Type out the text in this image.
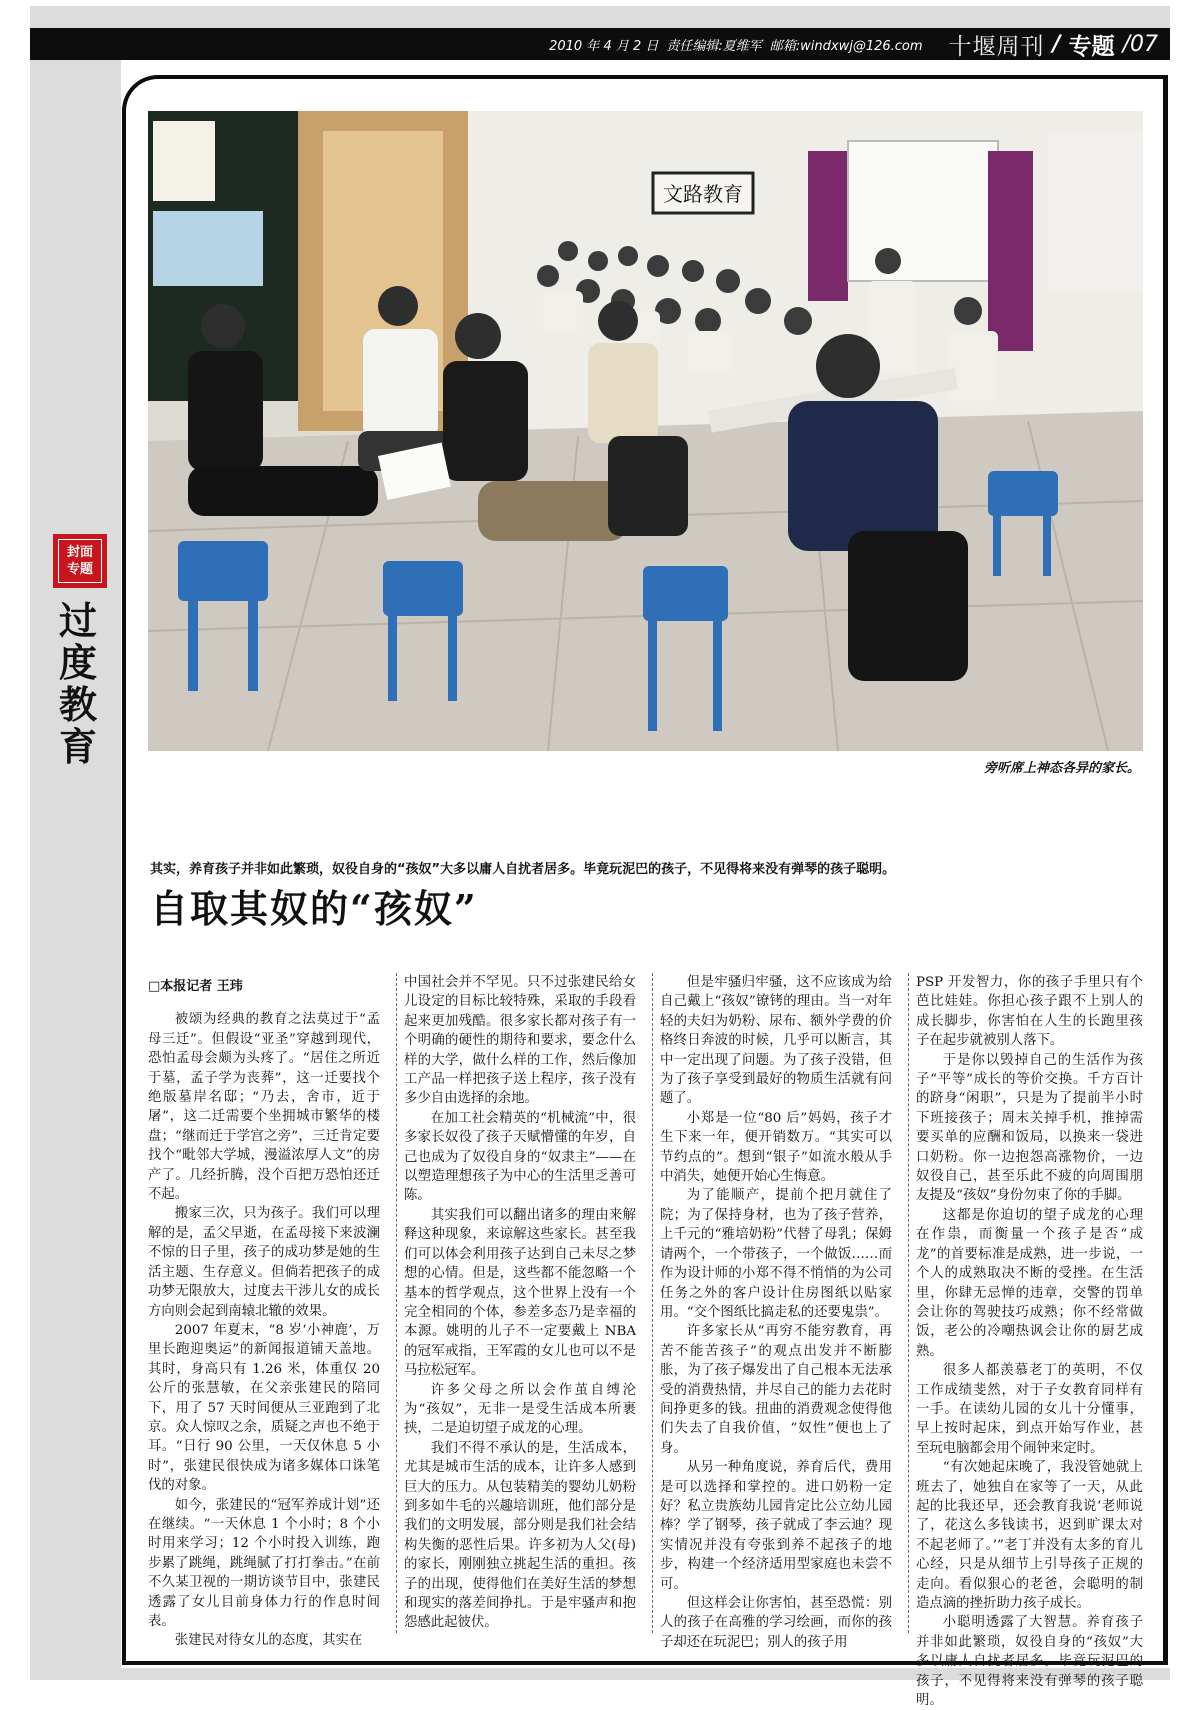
2010 年 4 月 2 日 责任编辑:夏维军 邮箱:windxwj@126.com 十堰周刊 / 专题 /07
封面
专题
过度教育
文路教育
旁听席上神态各异的家长。
其实，养育孩子并非如此繁琐，奴役自身的“孩奴”大多以庸人自扰者居多。毕竟玩泥巴的孩子，不见得将来没有弹琴的孩子聪明。
自取其奴的“孩奴”
□本报记者 王玮

被颂为经典的教育之法莫过于“孟母三迁”。但假设“亚圣”穿越到现代，恐怕孟母会颇为头疼了。“居住之所近于墓，孟子学为丧葬”，这一迁要找个绝版墓岸名邸；“乃去，舍市，近于屠”，这二迁需要个坐拥城市繁华的楼盘；“继而迁于学宫之旁”，三迁肯定要找个“毗邻大学城，漫溢浓厚人文”的房产了。几经折腾，没个百把万恐怕还迁不起。

搬家三次，只为孩子。我们可以理解的是，孟父早逝，在孟母接下来波澜不惊的日子里，孩子的成功梦是她的生活主题、生存意义。但倘若把孩子的成功梦无限放大，过度去干涉儿女的成长方向则会起到南辕北辙的效果。

2007 年夏末，“8 岁‘小神鹿’，万里长跑迎奥运”的新闻报道铺天盖地。其时，身高只有 1.26 米，体重仅 20 公斤的张慧敏，在父亲张建民的陪同下，用了 57 天时间便从三亚跑到了北京。众人惊叹之余，质疑之声也不绝于耳。“日行 90 公里，一天仅休息 5 小时”，张建民很快成为诸多媒体口诛笔伐的对象。

如今，张建民的“冠军养成计划”还在继续。“一天休息 1 个小时；8 个小时用来学习；12 个小时投入训练，跑步累了跳绳，跳绳腻了打打拳击。”在前不久某卫视的一期访谈节目中，张建民透露了女儿目前身体力行的作息时间表。

张建民对待女儿的态度，其实在

中国社会并不罕见。只不过张建民给女儿设定的目标比较特殊，采取的手段看起来更加残酷。很多家长都对孩子有一个明确的硬性的期待和要求，要念什么样的大学，做什么样的工作，然后像加工产品一样把孩子送上程序，孩子没有多少自由选择的余地。

在加工社会精英的“机械流”中，很多家长奴役了孩子天赋懵懂的年岁，自己也成为了奴役自身的“奴隶主”——在以塑造理想孩子为中心的生活里乏善可陈。

其实我们可以翻出诸多的理由来解释这种现象，来谅解这些家长。甚至我们可以体会利用孩子达到自己未尽之梦想的心情。但是，这些都不能忽略一个基本的哲学观点，这个世界上没有一个完全相同的个体，参差多态乃是幸福的本源。姚明的儿子不一定要戴上 NBA 的冠军戒指，王军霞的女儿也可以不是马拉松冠军。

许多父母之所以会作茧自缚沦为“孩奴”，无非一是受生活成本所裹挟，二是迫切望子成龙的心理。

我们不得不承认的是，生活成本，尤其是城市生活的成本，让许多人感到巨大的压力。从包装精美的婴幼儿奶粉到多如牛毛的兴趣培训班，他们部分是我们的文明发展，部分则是我们社会结构失衡的恶性后果。许多初为人父(母)的家长，刚刚独立挑起生活的重担。孩子的出现，使得他们在美好生活的梦想和现实的落差间挣扎。于是牢骚声和抱怨感此起彼伏。

但是牢骚归牢骚，这不应该成为给自己戴上“孩奴”镣铐的理由。当一对年轻的夫妇为奶粉、尿布、额外学费的价格终日奔波的时候，几乎可以断言，其中一定出现了问题。为了孩子没错，但为了孩子享受到最好的物质生活就有问题了。

小郑是一位“80 后”妈妈，孩子才生下来一年，便开销数万。“其实可以节约点的”。想到“银子”如流水般从手中消失，她便开始心生悔意。

为了能顺产，提前个把月就住了院；为了保持身材，也为了孩子营养，上千元的“雅培奶粉”代替了母乳；保姆请两个，一个带孩子，一个做饭……而作为设计师的小郑不得不悄悄的为公司任务之外的客户设计住房图纸以贴家用。“交个图纸比搞走私的还要鬼祟”。

许多家长从“再穷不能穷教育，再苦不能苦孩子”的观点出发并不断膨胀，为了孩子爆发出了自己根本无法承受的消费热情，并尽自己的能力去花时间挣更多的钱。扭曲的消费观念使得他们失去了自我价值，“奴性”便也上了身。

从另一种角度说，养育后代，费用是可以选择和掌控的。进口奶粉一定好？私立贵族幼儿园肯定比公立幼儿园棒？学了钢琴，孩子就成了李云迪？现实情况并没有夸张到养不起孩子的地步，构建一个经济适用型家庭也未尝不可。

但这样会让你害怕，甚至恐慌：别人的孩子在高雅的学习绘画，而你的孩子却还在玩泥巴；别人的孩子用

PSP 开发智力，你的孩子手里只有个芭比娃娃。你担心孩子跟不上别人的成长脚步，你害怕在人生的长跑里孩子在起步就被别人落下。

于是你以毁掉自己的生活作为孩子“平等”成长的等价交换。千方百计的跻身“闲职”，只是为了提前半小时下班接孩子；周末关掉手机，推掉需要买单的应酬和饭局，以换来一袋进口奶粉。你一边抱怨高涨物价，一边奴役自己，甚至乐此不疲的向周围朋友提及“孩奴”身份勿束了你的手脚。

这都是你迫切的望子成龙的心理在作祟，而衡量一个孩子是否“成龙”的首要标准是成熟，进一步说，一个人的成熟取决不断的受挫。在生活里，你肆无忌惮的违章，交警的罚单会让你的驾驶技巧成熟；你不经常做饭，老公的冷嘲热讽会让你的厨艺成熟。

很多人都羡慕老丁的英明，不仅工作成绩斐然，对于子女教育同样有一手。在读幼儿园的女儿十分懂事，早上按时起床，到点开始写作业，甚至玩电脑都会用个闹钟来定时。

“有次她起床晚了，我没管她就上班去了，她独自在家等了一天，从此起的比我还早，还会教育我说‘老师说了，花这么多钱读书，迟到旷课太对不起老师了。’”老丁并没有太多的育儿心经，只是从细节上引导孩子正规的走向。看似狠心的老爸，会聪明的制造点滴的挫折助力孩子成长。

小聪明透露了大智慧。养育孩子并非如此繁琐，奴役自身的“孩奴”大多以庸人自扰者居多。毕竟玩泥巴的孩子，不见得将来没有弹琴的孩子聪明。
